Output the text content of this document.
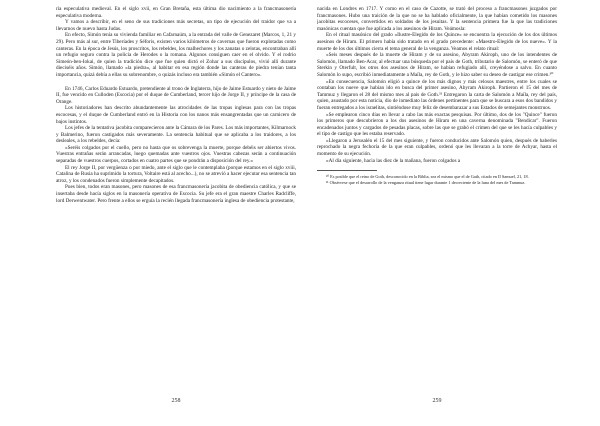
ría especulativa medieval. En el siglo xvii, en Gran Bretaña, esta última dio nacimiento a la francmasonería especulativa moderna.

Y vamos a describir, en el seno de sus tradiciones más secretas, un tipo de ejecución del traidor que va a llevarnos de nuevo hasta Judas.

En efecto, Simón tenía su vivienda familiar en Cafarnaúm, a la entrada del valle de Genezaret (Marcos, 1, 21 y 29). Pero más al sur, entre Tiberíades y Séforis, existen varios kilómetros de cavernas que fueron explotadas como canteras. En la época de Jesús, los proscritos, los rebeldes, los malhechores y los zanatas o zelotas, encontraban allí un refugio seguro contra la policía de Herodes o la romana. Algunos consiguen caer en el olvido. Y el rodrio Simeón-ben-Iokai, de quien la tradición dice que fue quien dictó el Zohar a sus discípulos, vivió allí durante dieciséis años. Simón, llamado «la piedra», al habitar en esa región donde las canteras de piedra tenían tanta importancia, quizá debía a ellas su sobrenombre, o quizás incluso era también «Simón el Cantero».

En 1746, Carlos Eduardo Estuardo, pretendiente al trono de Inglaterra, hijo de Jaime Estuardo y nieto de Jaime II, fue vencido en Culloden (Escocia) por el duque de Cumberland, tercer hijo de Jorge II, y príncipe de la casa de Orange.

Los historiadores han descrito abundantemente las atrocidades de las tropas inglesas para con las tropas escocesas, y el duque de Cumberland entró en la Historia con los nanos más ensangrentadas que un carnicero de bajos instintos.

Los jefes de la tentativa jacobita comparecieron ante la Cámara de los Pares. Los más importantes, Kilmarnock y Balmerino, fueron castigados más severamente. La sentencia habitual que se aplicaba a los traidores, a los desleales, a los rebeldes, decía:

«Seréis colgados por el cuello, pero no hasta que os sobrevenga la muerte, porque debéis ser abiertos vivos. Vuestras entrañas serán arrancadas, luego quemadas ante vuestros ojos. Vuestras cabezas serán a continuación separadas de vuestros cuerpos, cortados en cuatro partes que se pondrán a disposición del rey.»

El rey Jorge II, por vergüenza o por miedo, ante el siglo que le contemplaba (porque estamos en el siglo xviii, Catalina de Rusia ha suprimido la tortura, Voltaire está al acecho...), no se atrevió a hacer ejecutar esa sentencia tan atroz, y los condenados fueron simplemente decapitados.

Pues bien, todos eran masones, pero masones de esa francmasonería jacobita de obediencia católica, y que se insertaba desde hacía siglos en la masonería operativa de Escocia. Su jefe era el gran maestre Charles Radcliffe, lord Derwentwater. Pero frente a ellos se erguía la recién llegada francmasonería inglesa de obediencia protestante,

258

nacida en Londres en 1717. Y como en el caso de Cazotte, se trató del proceso a francmasones juzgados por francmasones. Hubo una traición de la que no se ha hablado oficialmente, la que habían cometido los masones jacobitas escoceses, convertidos en soldados de los jesuitas. Y la sentencia primera fue la que las tradiciones masónicas cuentan que fue aplicada a los asesinos de Hiram. Veámosla:

En el ritual masónico del grado «Ilustre-Elegido de los Quince» se encuentra la ejecución de los dos últimos asesinos de Hiram. El primero había sido tratado en el grado precedente: «Maestro-Elegido de los nueve». Y la muerte de los dos últimos cierra el tema general de la venganza. Veamos el relato ritual:

«Seis meses después de la muerte de Hiram y de su asesino, Abyram Akiroph, uno de los intendentes de Salomón, llamado Ben-Acar, al efectuar una búsqueda por el país de Goth, tributario de Salomón, se enteró de que Sterkin y Oterfult, los otros dos asesinos de Hiram, se habían refugiado allí, creyéndose a salvo. En cuanto Salomón lo supo, escribió inmediatamente a Maïla, rey de Goth, y le hizo saber su deseo de castigar ese crimen.³⁰

»En consecuencia, Salomón eligió a quince de los más dignos y más celosos maestres, entre los cuales se contaban los nueve que habían ido en busca del primer asesino, Abyram Akiroph. Partieron el 15 del mes de Tammuz y llegaron el 28 del mismo mes al país de Goth.³¹ Entregaron la carta de Salomón a Maïla, rey del país, quien, asustado por esta noticia, dio de inmediato las órdenes pertinentes para que se buscara a esos dos bandidos y fueran entregados a los israelitas, sintiéndose muy feliz de desembarazar a sus Estados de semejantes monstruos.

»Se emplearon cinco días en llevar a cabo las más exactas pesquisas. Por último, dos de los "Quince" fueron los primeros que descubrieron a los dos asesinos de Hiram en una caverna denominada "Bendicar". Fueron encadenados juntos y cargados de pesadas placas, sobre las que se grabó el crimen del que se les hacía culpables y el tipo de castigo que les estaba reservado.

»Llegaron a Jerusalén el 15 del mes siguiente, y fueron conducidos ante Salomón quien, después de haberles reprochado la negra fechoría de la que eran culpables, ordenó que les llevaran a la torre de Achyar, hasta el momento de su ejecución.

»Al día siguiente, hacia las diez de la mañana, fueron colgados a

³⁰ Es posible que el reino de Goth, desconocido en la Biblia, sea el mismo que el de Gath, citado en II Samuel, 21, 18.

³¹ Obsérvese que el desarrollo de la venganza ritual tiene lugar durante 1 decreciente de la luna del mes de Tammuz.

259
